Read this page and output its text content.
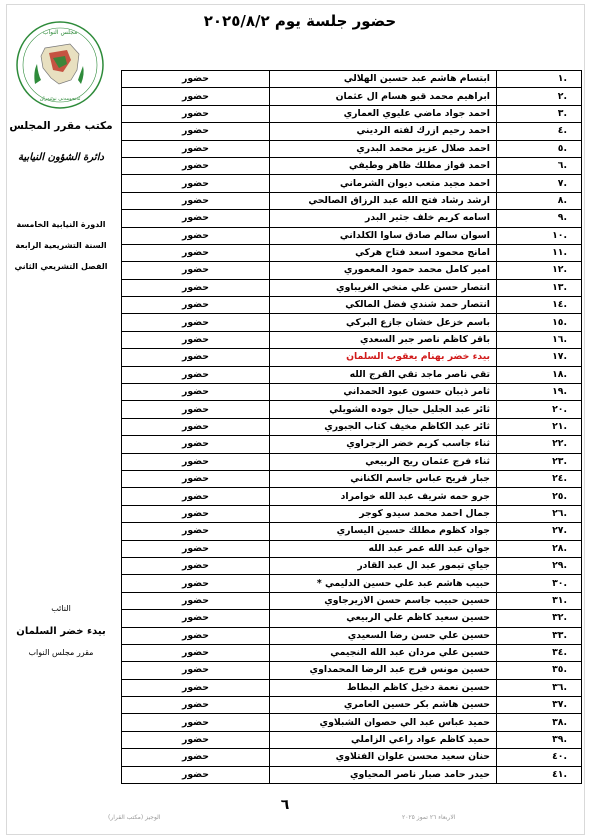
حضور جلسة يوم ٢٠٢٥/٨/٢
مجلس النواب
ئەنجومەنی نوێنەران
مكتب مقرر المجلس
دائرة الشؤون النيابية
الدورة النيابية الخامسة
السنة التشريعية الرابعة
الفصل التشريعي الثاني
النائب
بيدء خضر السلمان
مقرر مجلس النواب
حضور	ابتسام هاشم عبد حسين الهلالي	.١
حضور	ابراهيم محمد قبو هسام ال عثمان	.٢
حضور	احمد جواد ماضي عليوي العماري	.٣
حضور	احمد رحيم ازرك لفته الرديني	.٤
حضور	احمد صلال عزيز محمد البدري	.٥
حضور	احمد فواز مطلك ظاهر وطيفي	.٦
حضور	احمد مجيد متعب ديوان الشرماني	.٧
حضور	ارشد رشاد فتح الله عبد الرزاق الصالحي	.٨
حضور	اسامه كريم خلف جثير البدر	.٩
حضور	اسوان سالم صادق ساوا الكلداني	.١٠
حضور	امانج محمود اسعد فتاح هركي	.١١
حضور	امير كامل محمد حمود المعموري	.١٢
حضور	انتصار حسن علي منخي الغريباوي	.١٣
حضور	انتصار حمد شندي فضل المالكي	.١٤
حضور	باسم خزعل خشان جازع البركي	.١٥
حضور	باقر كاظم ناصر جبر السعدي	.١٦
حضور	بيدء خضر بهنام يعقوب السلمان	.١٧
حضور	تقي ناصر ماجد تقي الفرج الله	.١٨
حضور	ثامر ذيبان حسون عبود الحمداني	.١٩
حضور	ثائر عبد الجليل حيال جوده الشويلي	.٢٠
حضور	ثائر عبد الكاظم مخيف كتاب الجبوري	.٢١
حضور	ثناء جاسب كريم خضر الزجراوي	.٢٢
حضور	ثناء فرج عثمان ريح الربيعي	.٢٣
حضور	جبار فريح عباس جاسم الكناني	.٢٤
حضور	جرو حمه شريف عبد الله خوامراد	.٢٥
حضور	جمال احمد محمد سيدو كوجر	.٢٦
حضور	جواد كظوم مطلك حسين اليساري	.٢٧
حضور	جوان عبد الله عمر عبد الله	.٢٨
حضور	جياي تيمور عبد ال عبد القادر	.٢٩
حضور	حبيب هاشم عبد علي حسين الدليمي *	.٣٠
حضور	حسين حبيب جاسم حسن الازيرجاوي	.٣١
حضور	حسين سعيد كاظم علي الربيعي	.٣٢
حضور	حسين علي حسن رضا السعيدي	.٣٣
حضور	حسين علي مردان عبد الله النجيمي	.٣٤
حضور	حسين مونس فرج عبد الرضا المحمداوي	.٣٥
حضور	حسين نعمة دخيل كاظم البطاط	.٣٦
حضور	حسين هاشم بكر حسين العامري	.٣٧
حضور	حميد عباس عبد الي حصوان الشبلاوي	.٣٨
حضور	حميد كاظم عواد راعي الزاملي	.٣٩
حضور	حنان سعيد محسن علوان الفتلاوي	.٤٠
حضور	حيدر حامد صبار ناصر المحياوي	.٤١
٦
الوجيز (مكتب القرار)	الاربعاء ٢٦ تموز ٢٠٢٥
